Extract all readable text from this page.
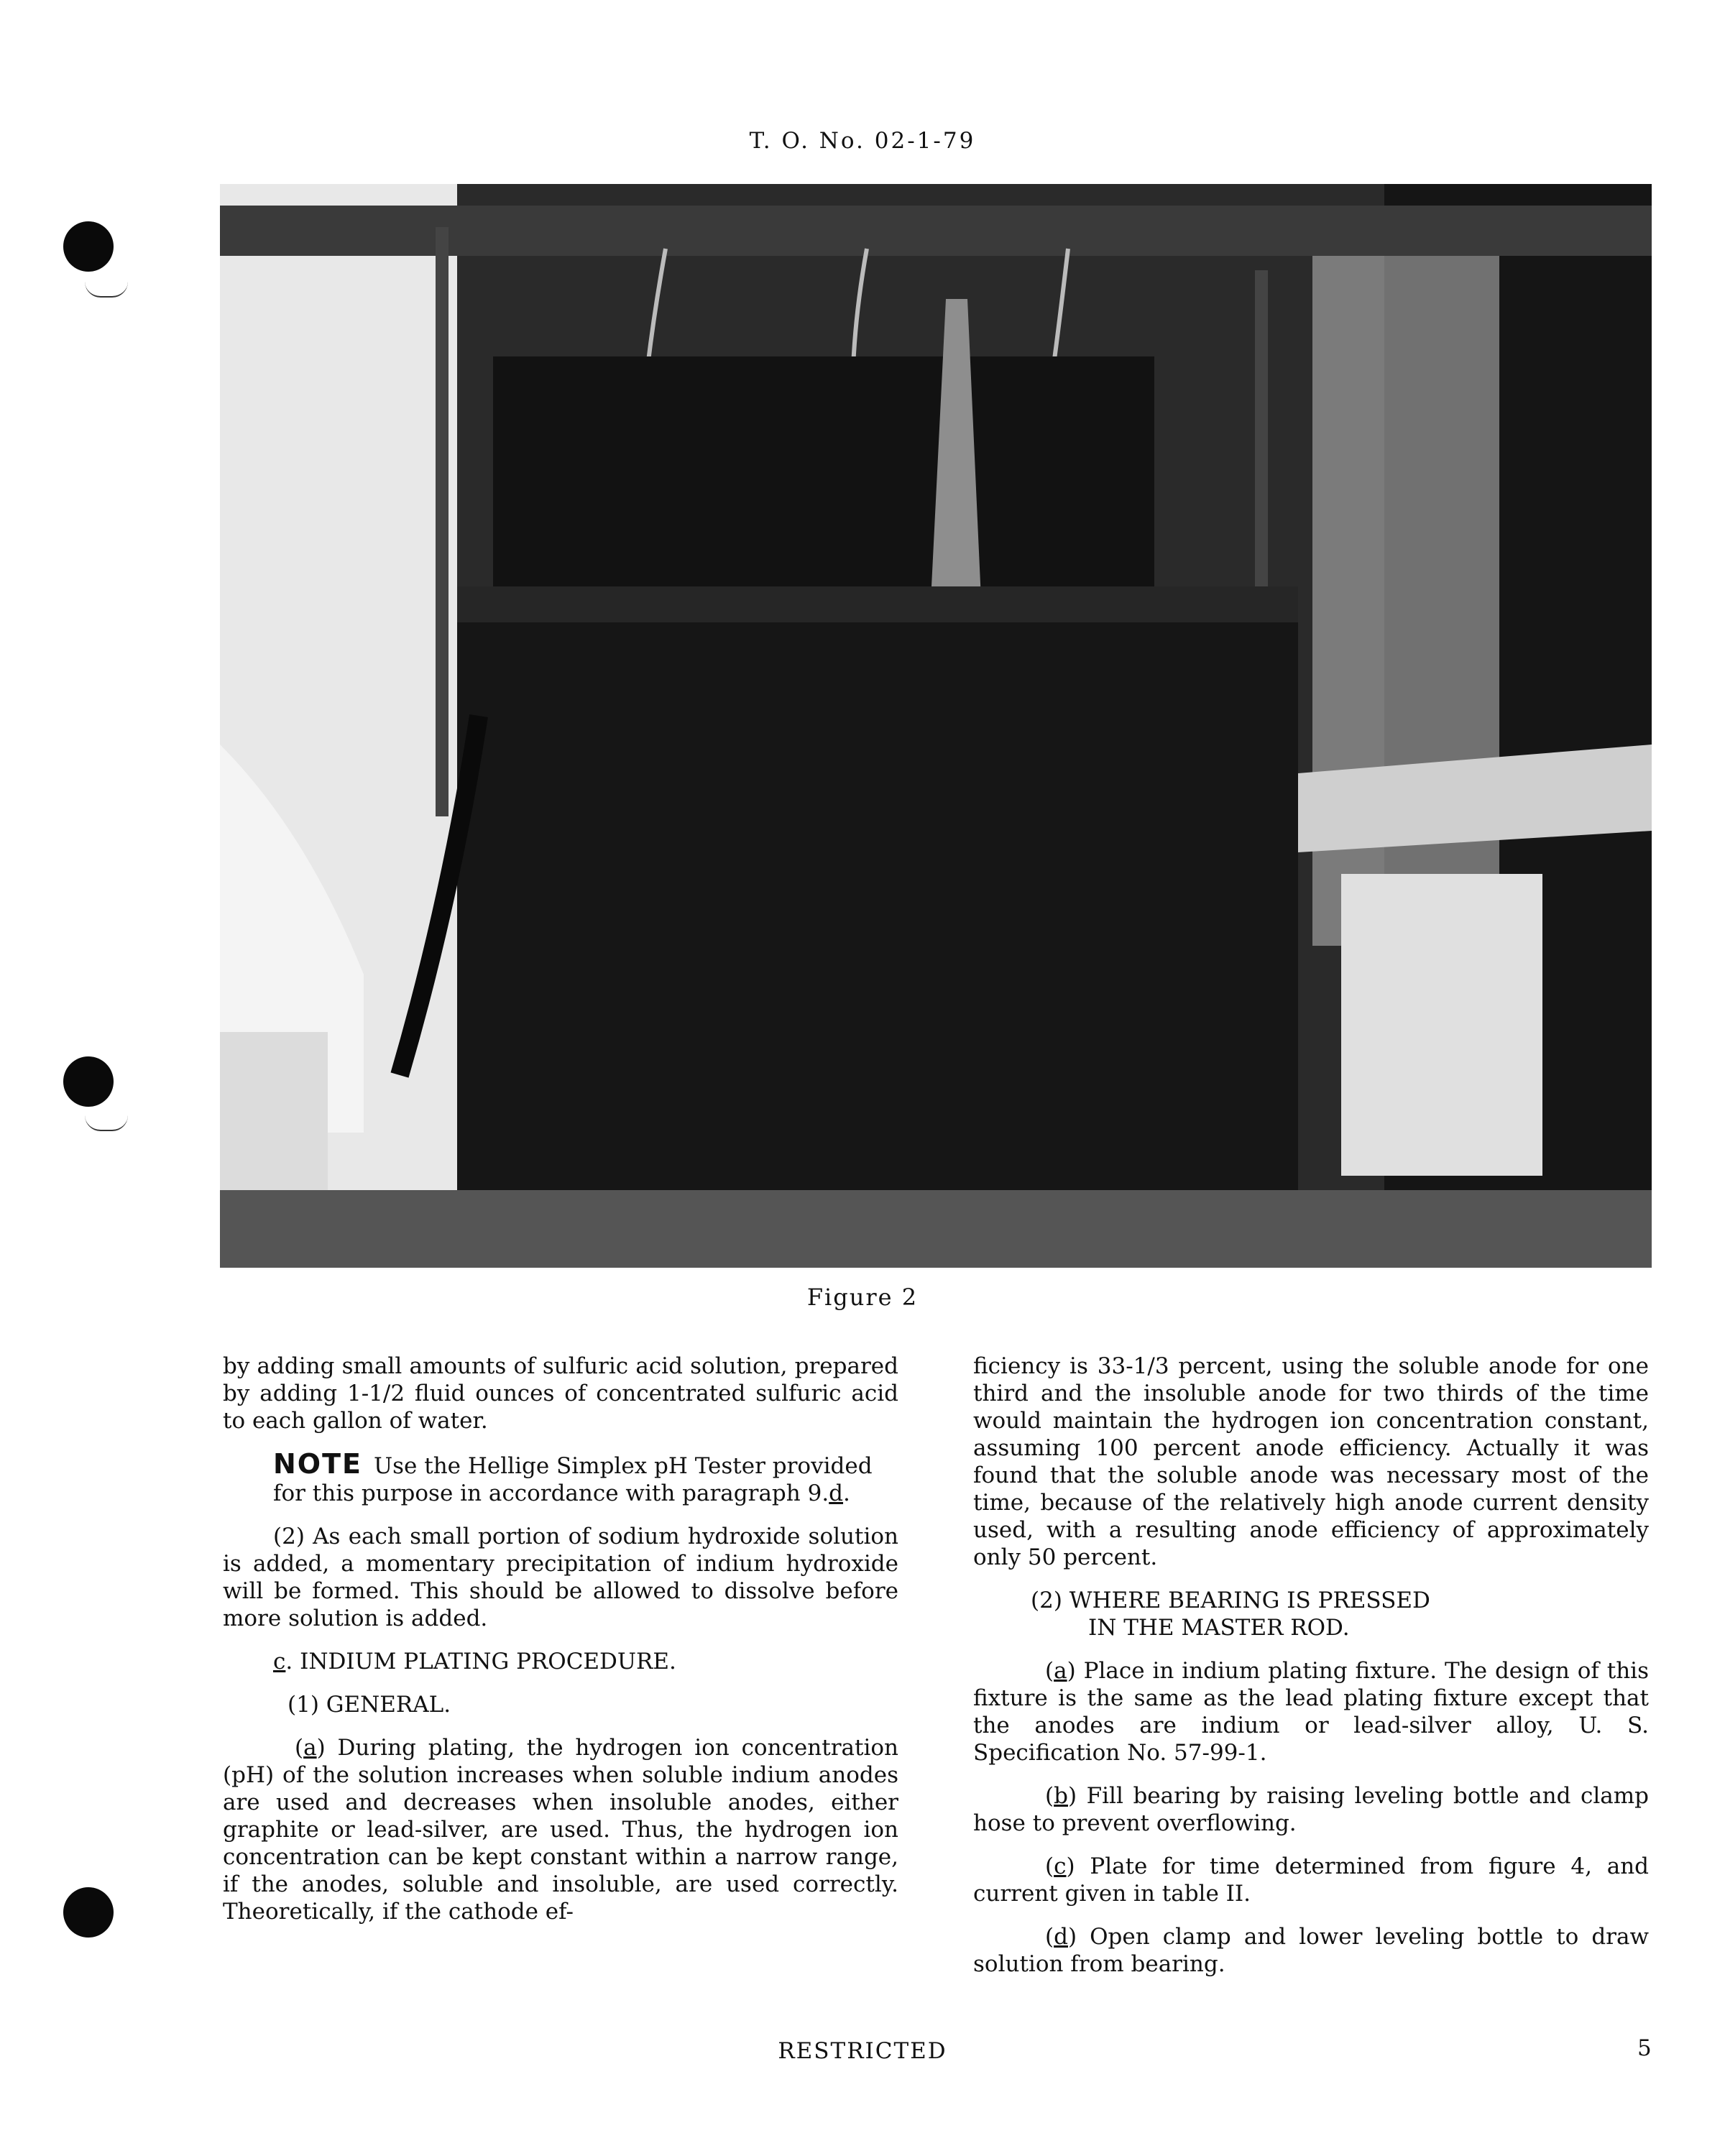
T. O. No. 02-1-79
Figure 2

by adding small amounts of sulfuric acid solution, prepared by adding 1-1/2 fluid ounces of concentrated sulfuric acid to each gallon of water.

NOTE Use the Hellige Simplex pH Tester provided for this purpose in accordance with paragraph 9.d.

(2) As each small portion of sodium hydroxide solution is added, a momentary precipitation of indium hydroxide will be formed. This should be allowed to dissolve before more solution is added.

c. INDIUM PLATING PROCEDURE.

(1) GENERAL.

(a) During plating, the hydrogen ion concentration (pH) of the solution increases when soluble indium anodes are used and decreases when insoluble anodes, either graphite or lead-silver, are used. Thus, the hydrogen ion concentration can be kept constant within a narrow range, if the anodes, soluble and insoluble, are used correctly. Theoretically, if the cathode ef-

ficiency is 33-1/3 percent, using the soluble anode for one third and the insoluble anode for two thirds of the time would maintain the hydrogen ion concentration constant, assuming 100 percent anode efficiency. Actually it was found that the soluble anode was necessary most of the time, because of the relatively high anode current density used, with a resulting anode efficiency of approximately only 50 percent.

(2) WHERE BEARING IS PRESSED
IN THE MASTER ROD.

(a) Place in indium plating fixture. The design of this fixture is the same as the lead plating fixture except that the anodes are indium or lead-silver alloy, U. S. Specification No. 57-99-1.

(b) Fill bearing by raising leveling bottle and clamp hose to prevent overflowing.

(c) Plate for time determined from figure 4, and current given in table II.

(d) Open clamp and lower leveling bottle to draw solution from bearing.

RESTRICTED	5
